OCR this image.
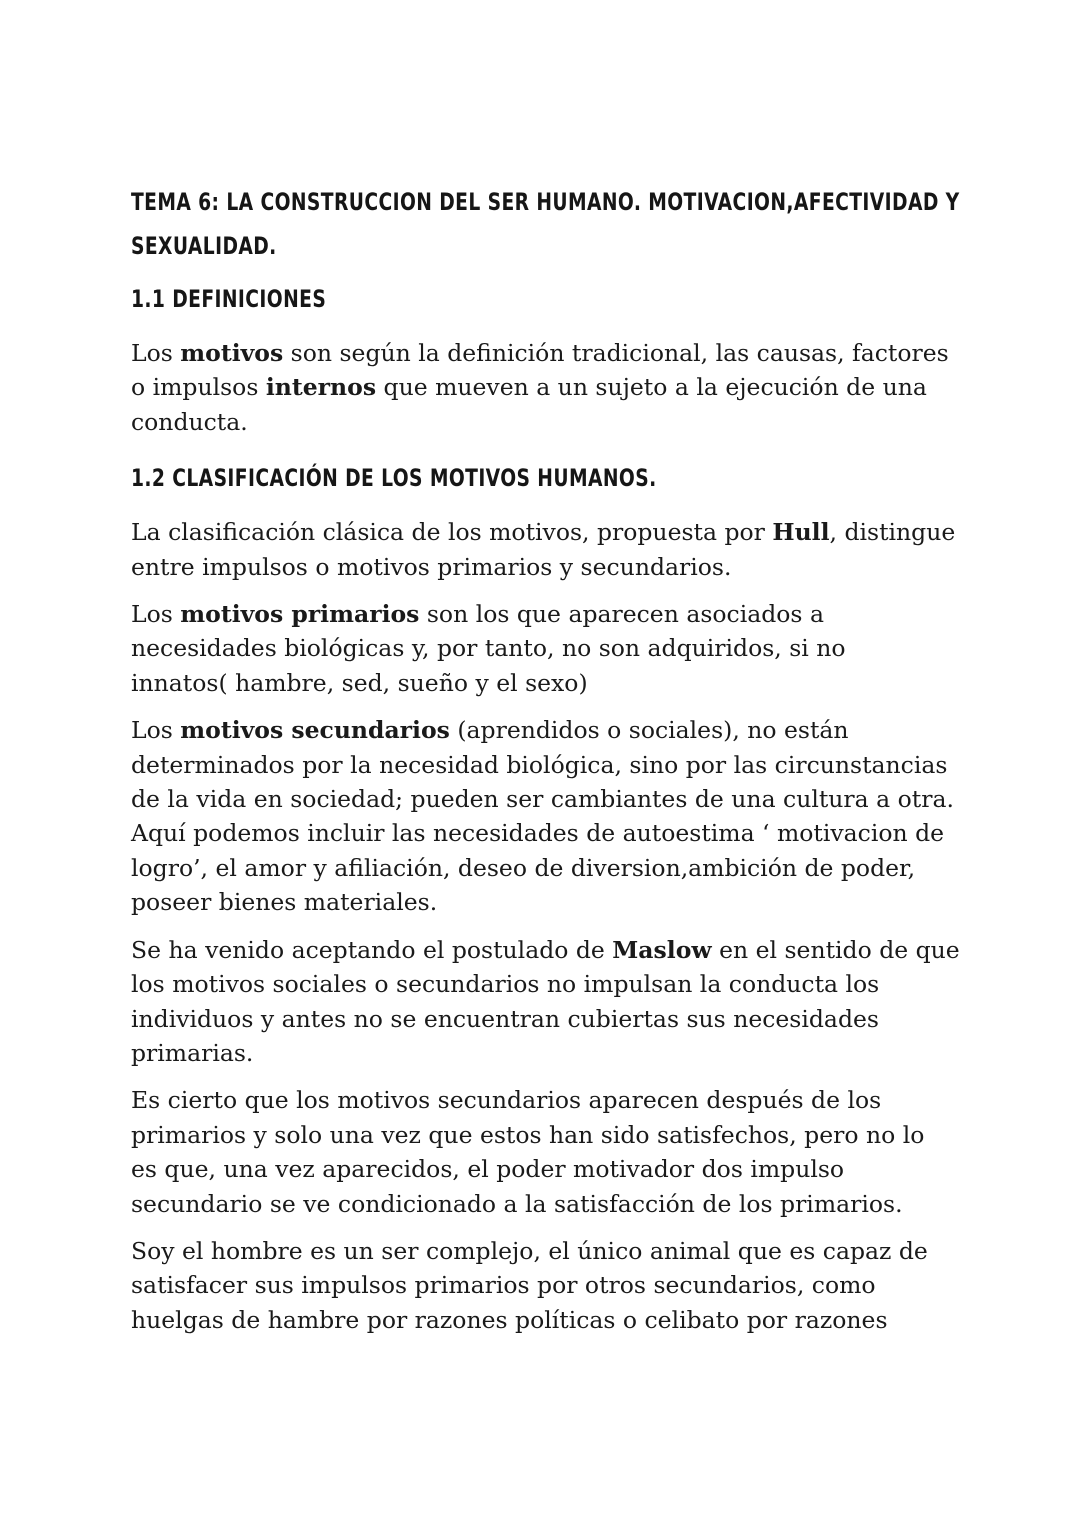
TEMA 6: LA CONSTRUCCION DEL SER HUMANO. MOTIVACION,AFECTIVIDAD Y
SEXUALIDAD.
1.1 DEFINICIONES

Los motivos son según la definición tradicional, las causas, factores
o impulsos internos que mueven a un sujeto a la ejecución de una
conducta.

1.2 CLASIFICACIÓN DE LOS MOTIVOS HUMANOS.

La clasificación clásica de los motivos, propuesta por Hull, distingue
entre impulsos o motivos primarios y secundarios.

Los motivos primarios son los que aparecen asociados a
necesidades biológicas y, por tanto, no son adquiridos, si no
innatos( hambre, sed, sueño y el sexo)

Los motivos secundarios (aprendidos o sociales), no están
determinados por la necesidad biológica, sino por las circunstancias
de la vida en sociedad; pueden ser cambiantes de una cultura a otra.
Aquí podemos incluir las necesidades de autoestima ‘ motivacion de
logro’, el amor y afiliación, deseo de diversion,ambición de poder,
poseer bienes materiales.

Se ha venido aceptando el postulado de Maslow en el sentido de que
los motivos sociales o secundarios no impulsan la conducta los
individuos y antes no se encuentran cubiertas sus necesidades
primarias.

Es cierto que los motivos secundarios aparecen después de los
primarios y solo una vez que estos han sido satisfechos, pero no lo
es que, una vez aparecidos, el poder motivador dos impulso
secundario se ve condicionado a la satisfacción de los primarios.

Soy el hombre es un ser complejo, el único animal que es capaz de
satisfacer sus impulsos primarios por otros secundarios, como
huelgas de hambre por razones políticas o celibato por razones
